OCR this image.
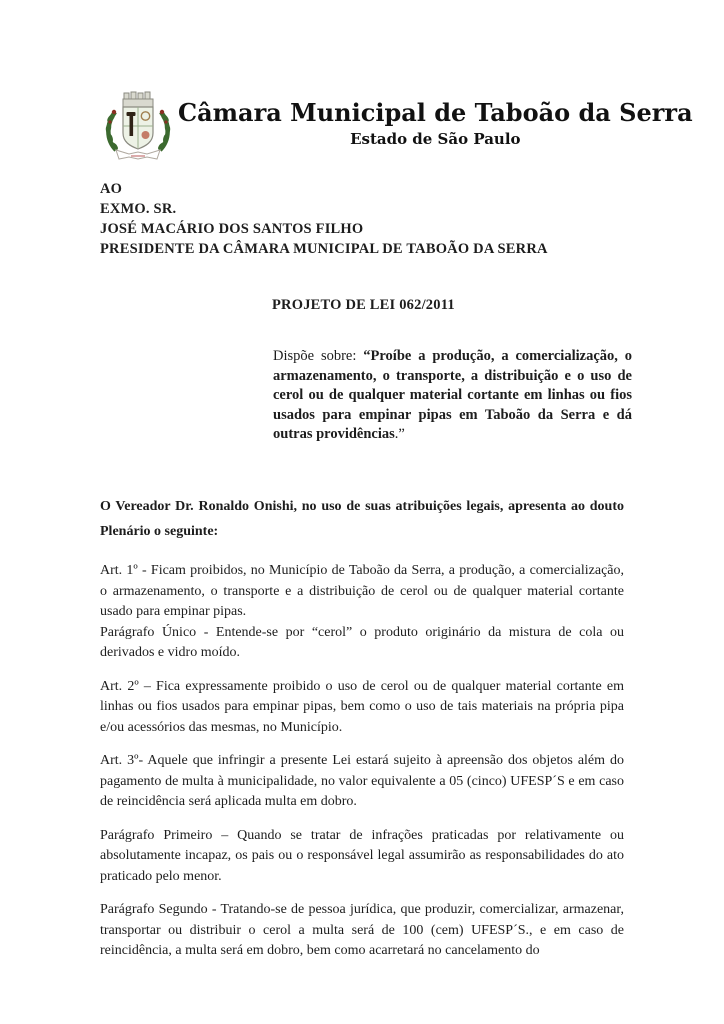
Câmara Municipal de Taboão da Serra
Estado de São Paulo
AO
EXMO. SR.
JOSÉ MACÁRIO DOS SANTOS FILHO
PRESIDENTE DA CÂMARA MUNICIPAL DE TABOÃO DA SERRA
PROJETO DE LEI 062/2011
Dispõe sobre: “Proíbe a produção, a comercialização, o armazenamento, o transporte, a distribuição e o uso de cerol ou de qualquer material cortante em linhas ou fios usados para empinar pipas em Taboão da Serra e dá outras providências.”

O Vereador Dr. Ronaldo Onishi, no uso de suas atribuições legais, apresenta ao douto Plenário o seguinte:

Art. 1º - Ficam proibidos, no Município de Taboão da Serra, a produção, a comercialização, o armazenamento, o transporte e a distribuição de cerol ou de qualquer material cortante usado para empinar pipas.

Parágrafo Único - Entende-se por “cerol” o produto originário da mistura de cola ou derivados e vidro moído.

Art. 2º – Fica expressamente proibido o uso de cerol ou de qualquer material cortante em linhas ou fios usados para empinar pipas, bem como o uso de tais materiais na própria pipa e/ou acessórios das mesmas, no Município.

Art. 3º- Aquele que infringir a presente Lei estará sujeito à apreensão dos objetos além do pagamento de multa à municipalidade, no valor equivalente a 05 (cinco) UFESP´S e em caso de reincidência será aplicada multa em dobro.

Parágrafo Primeiro – Quando se tratar de infrações praticadas por relativamente ou absolutamente incapaz, os pais ou o responsável legal assumirão as responsabilidades do ato praticado pelo menor.

Parágrafo Segundo - Tratando-se de pessoa jurídica, que produzir, comercializar, armazenar, transportar ou distribuir o cerol a multa será de 100 (cem) UFESP´S., e em caso de reincidência, a multa será em dobro, bem como acarretará no cancelamento do
